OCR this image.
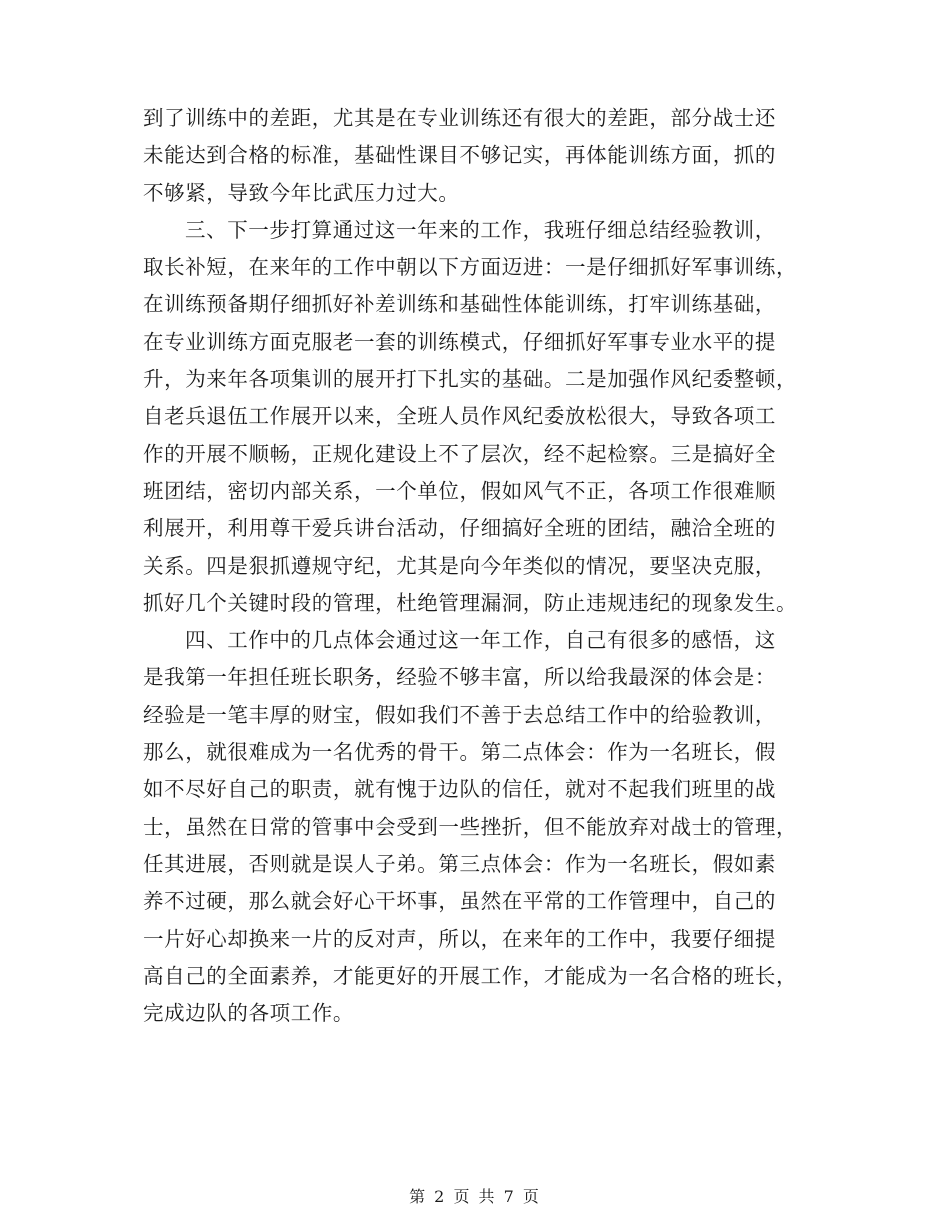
到了训练中的差距，尤其是在专业训练还有很大的差距，部分战士还
未能达到合格的标准，基础性课目不够记实，再体能训练方面，抓的
不够紧，导致今年比武压力过大。
三、下一步打算通过这一年来的工作，我班仔细总结经验教训，
取长补短，在来年的工作中朝以下方面迈进：一是仔细抓好军事训练，
在训练预备期仔细抓好补差训练和基础性体能训练，打牢训练基础，
在专业训练方面克服老一套的训练模式，仔细抓好军事专业水平的提
升，为来年各项集训的展开打下扎实的基础。二是加强作风纪委整顿，
自老兵退伍工作展开以来，全班人员作风纪委放松很大，导致各项工
作的开展不顺畅，正规化建设上不了层次，经不起检察。三是搞好全
班团结，密切内部关系，一个单位，假如风气不正，各项工作很难顺
利展开，利用尊干爱兵讲台活动，仔细搞好全班的团结，融洽全班的
关系。四是狠抓遵规守纪，尤其是向今年类似的情况，要坚决克服，
抓好几个关键时段的管理，杜绝管理漏洞，防止违规违纪的现象发生。
四、工作中的几点体会通过这一年工作，自己有很多的感悟，这
是我第一年担任班长职务，经验不够丰富，所以给我最深的体会是：
经验是一笔丰厚的财宝，假如我们不善于去总结工作中的给验教训，
那么，就很难成为一名优秀的骨干。第二点体会：作为一名班长，假
如不尽好自己的职责，就有愧于边队的信任，就对不起我们班里的战
士，虽然在日常的管事中会受到一些挫折，但不能放弃对战士的管理，
任其进展，否则就是误人子弟。第三点体会：作为一名班长，假如素
养不过硬，那么就会好心干坏事，虽然在平常的工作管理中，自己的
一片好心却换来一片的反对声，所以，在来年的工作中，我要仔细提
高自己的全面素养，才能更好的开展工作，才能成为一名合格的班长，
完成边队的各项工作。
第 2 页 共 7 页
